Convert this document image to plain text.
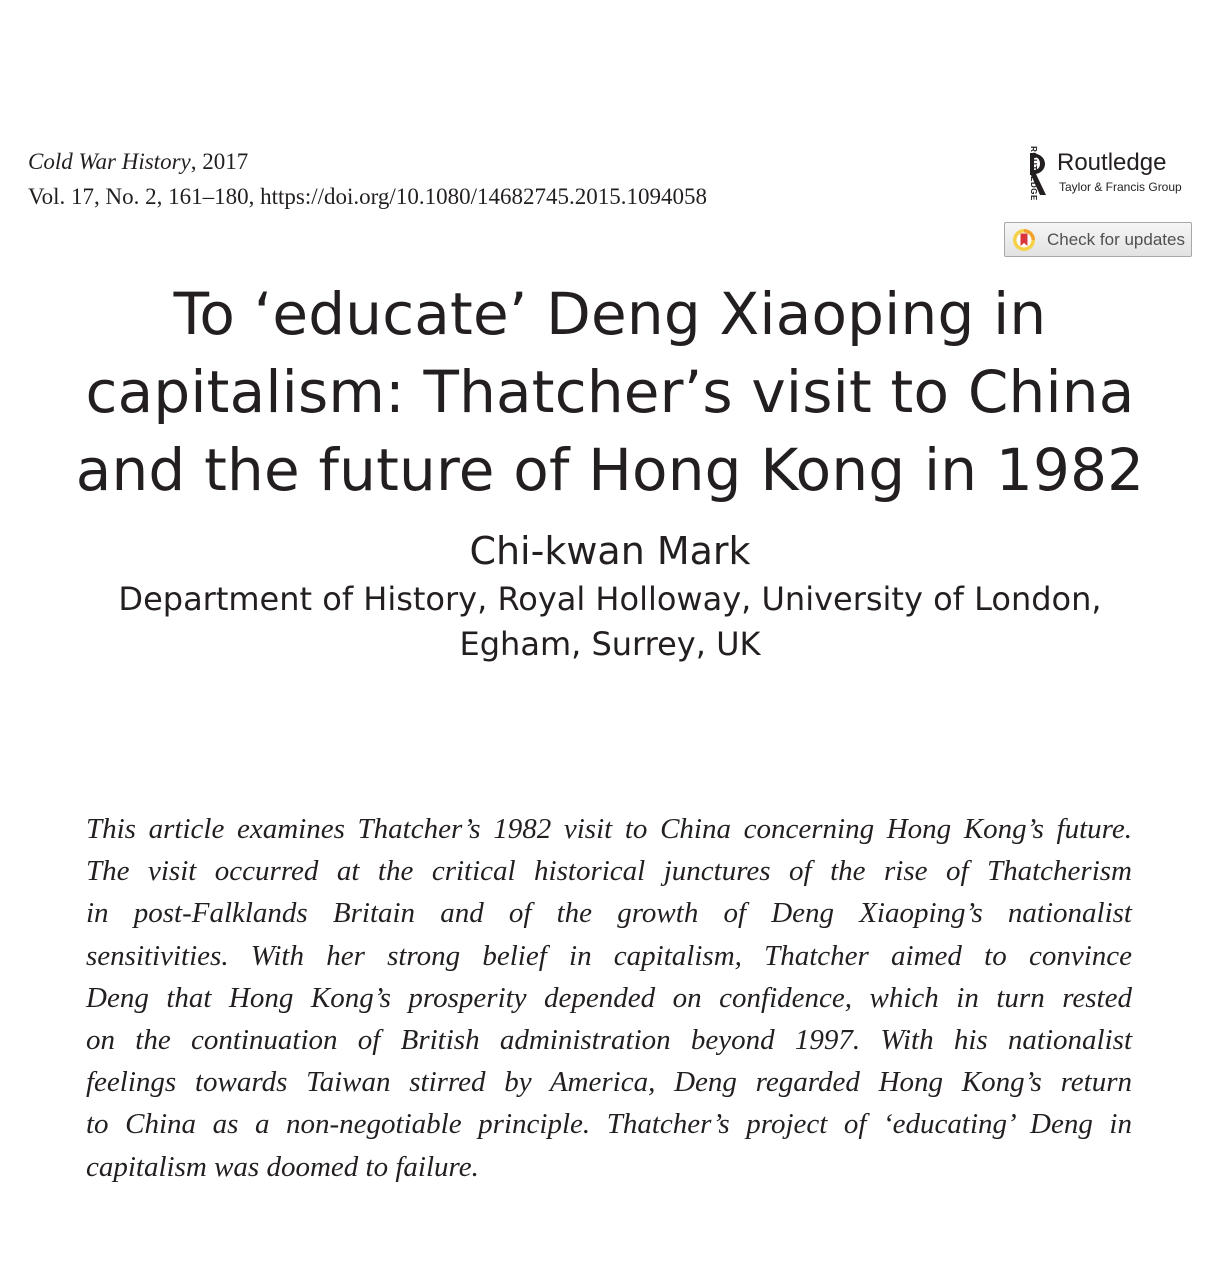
Cold War History, 2017
Vol. 17, No. 2, 161–180, https://doi.org/10.1080/14682745.2015.1094058	ROUTLEDGE Routledge
Taylor & Francis Group
Check for updates
To ‘educate’ Deng Xiaoping in
capitalism: Thatcher’s visit to China
and the future of Hong Kong in 1982
Chi-kwan Mark
Department of History, Royal Holloway, University of London,
Egham, Surrey, UK
This article examines Thatcher’s 1982 visit to China concerning Hong Kong’s future.
The visit occurred at the critical historical junctures of the rise of Thatcherism
in post-Falklands Britain and of the growth of Deng Xiaoping’s nationalist
sensitivities. With her strong belief in capitalism, Thatcher aimed to convince
Deng that Hong Kong’s prosperity depended on confidence, which in turn rested
on the continuation of British administration beyond 1997. With his nationalist
feelings towards Taiwan stirred by America, Deng regarded Hong Kong’s return
to China as a non-negotiable principle. Thatcher’s project of ‘educating’ Deng in
capitalism was doomed to failure.
